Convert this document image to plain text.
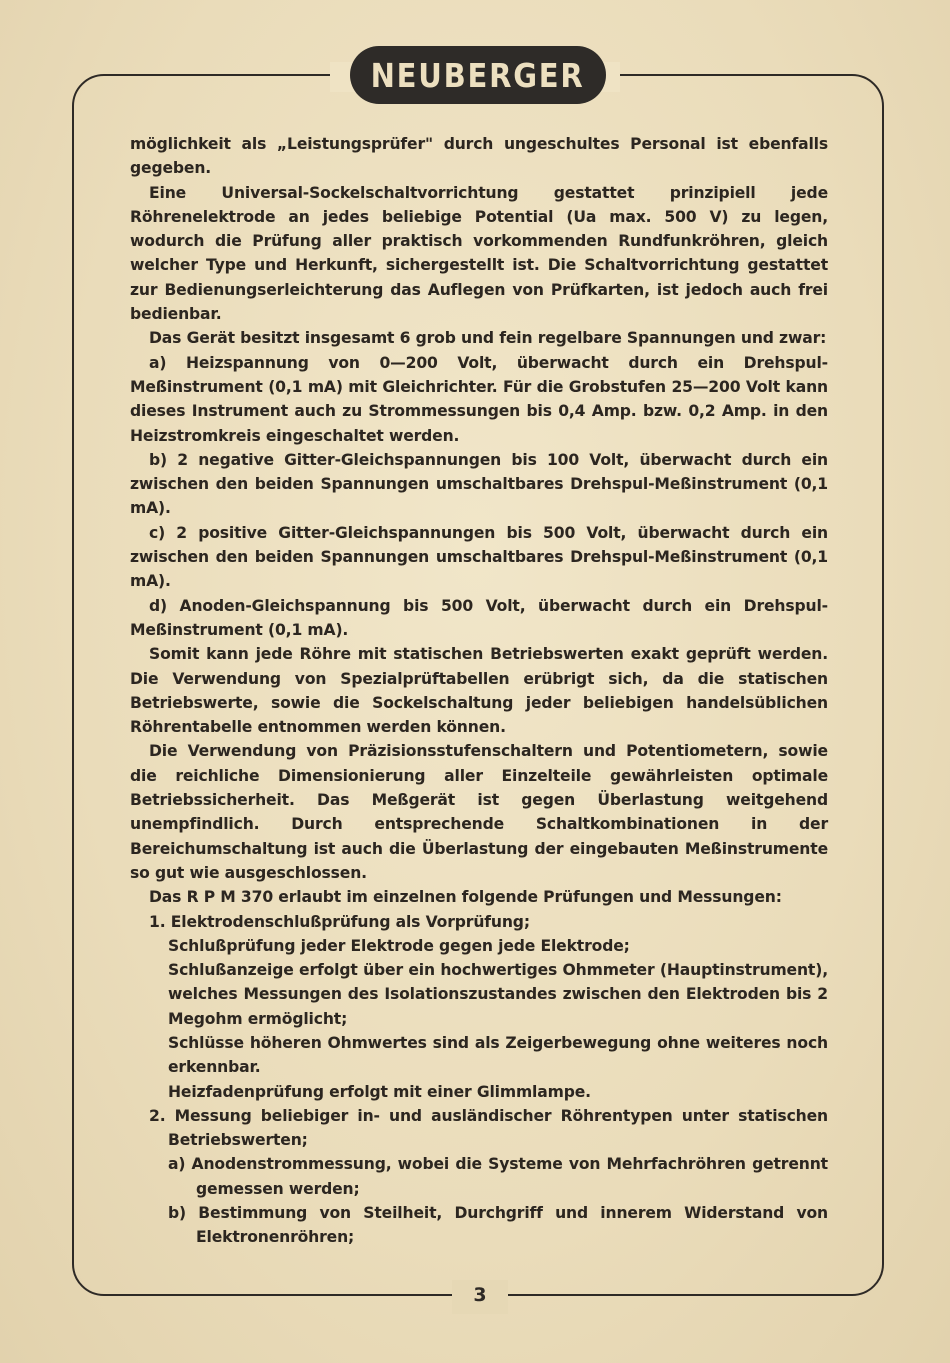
NEUBERGER

möglichkeit als „Leistungsprüfer" durch ungeschultes Personal ist ebenfalls gegeben.

Eine Universal-Sockelschaltvorrichtung gestattet prinzipiell jede Röhrenelektrode an jedes beliebige Potential (Ua max. 500 V) zu legen, wodurch die Prüfung aller praktisch vorkommenden Rundfunkröhren, gleich welcher Type und Herkunft, sichergestellt ist. Die Schaltvorrichtung gestattet zur Bedienungserleichterung das Auflegen von Prüfkarten, ist jedoch auch frei bedienbar.

Das Gerät besitzt insgesamt 6 grob und fein regelbare Spannungen und zwar:

a) Heizspannung von 0—200 Volt, überwacht durch ein Drehspul-Meßinstrument (0,1 mA) mit Gleichrichter. Für die Grobstufen 25—200 Volt kann dieses Instrument auch zu Strommessungen bis 0,4 Amp. bzw. 0,2 Amp. in den Heizstromkreis eingeschaltet werden.

b) 2 negative Gitter-Gleichspannungen bis 100 Volt, überwacht durch ein zwischen den beiden Spannungen umschaltbares Drehspul-Meßinstrument (0,1 mA).

c) 2 positive Gitter-Gleichspannungen bis 500 Volt, überwacht durch ein zwischen den beiden Spannungen umschaltbares Drehspul-Meßinstrument (0,1 mA).

d) Anoden-Gleichspannung bis 500 Volt, überwacht durch ein Drehspul-Meßinstrument (0,1 mA).

Somit kann jede Röhre mit statischen Betriebswerten exakt geprüft werden. Die Verwendung von Spezialprüftabellen erübrigt sich, da die statischen Betriebswerte, sowie die Sockelschaltung jeder beliebigen handelsüblichen Röhrentabelle entnommen werden können.

Die Verwendung von Präzisionsstufenschaltern und Potentiometern, sowie die reichliche Dimensionierung aller Einzelteile gewährleisten optimale Betriebssicherheit. Das Meßgerät ist gegen Überlastung weitgehend unempfindlich. Durch entsprechende Schaltkombinationen in der Bereichumschaltung ist auch die Überlastung der eingebauten Meßinstrumente so gut wie ausgeschlossen.

Das R P M 370 erlaubt im einzelnen folgende Prüfungen und Messungen:

1. Elektrodenschlußprüfung als Vorprüfung;

Schlußprüfung jeder Elektrode gegen jede Elektrode;

Schlußanzeige erfolgt über ein hochwertiges Ohmmeter (Hauptinstrument), welches Messungen des Isolationszustandes zwischen den Elektroden bis 2 Megohm ermöglicht;

Schlüsse höheren Ohmwertes sind als Zeigerbewegung ohne weiteres noch erkennbar.

Heizfadenprüfung erfolgt mit einer Glimmlampe.

2. Messung beliebiger in- und ausländischer Röhrentypen unter statischen Betriebswerten;

a) Anodenstrommessung, wobei die Systeme von Mehrfachröhren getrennt gemessen werden;

b) Bestimmung von Steilheit, Durchgriff und innerem Widerstand von Elektronenröhren;

3
